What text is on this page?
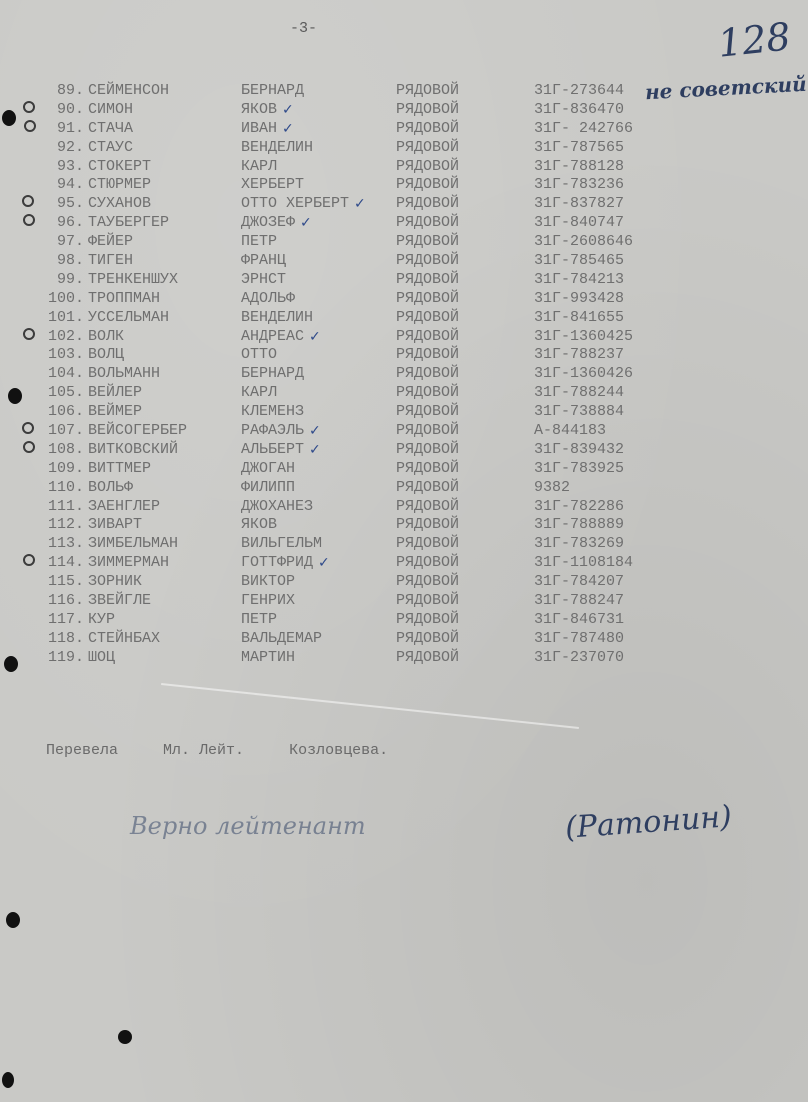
-3-	128
не советский
89. СЕЙМЕНСОН	БЕРНАРД	РЯДОВОЙ	31Г-273644
90. СИМОН	ЯКОВ	РЯДОВОЙ	31Г-836470
✓
91. СТАЧА	ИВАН	РЯДОВОЙ	31Г- 242766
✓
92. СТАУС	ВЕНДЕЛИН	РЯДОВОЙ	31Г-787565
93. СТОКЕРТ	КАРЛ	РЯДОВОЙ	31Г-788128
94. СТЮРМЕР	ХЕРБЕРТ	РЯДОВОЙ	31Г-783236
95. СУХАНОВ	ОТТО ХЕРБЕРТ	РЯДОВОЙ	31Г-837827
✓
96. ТАУБЕРГЕР	ДЖОЗЕФ	РЯДОВОЙ	31Г-840747
✓
97. ФЕЙЕР	ПЕТР	РЯДОВОЙ	31Г-2608646
98. ТИГЕН	ФРАНЦ	РЯДОВОЙ	31Г-785465
99. ТРЕНКЕНШУХ	ЭРНСТ	РЯДОВОЙ	31Г-784213
100. ТРОППМАН	АДОЛЬФ	РЯДОВОЙ	31Г-993428
101. УССЕЛЬМАН	ВЕНДЕЛИН	РЯДОВОЙ	31Г-841655
102. ВОЛК	АНДРЕАС	РЯДОВОЙ	31Г-1360425
✓
103. ВОЛЦ	ОТТО	РЯДОВОЙ	31Г-788237
104. ВОЛЬМАНН	БЕРНАРД	РЯДОВОЙ	31Г-1360426
105. ВЕЙЛЕР	КАРЛ	РЯДОВОЙ	31Г-788244
106. ВЕЙМЕР	КЛЕМЕНЗ	РЯДОВОЙ	31Г-738884
107. ВЕЙСОГЕРБЕР	РАФАЭЛЬ	РЯДОВОЙ	А-844183
✓
108. ВИТКОВСКИЙ	АЛЬБЕРТ	РЯДОВОЙ	31Г-839432
✓
109. ВИТТМЕР	ДЖОГАН	РЯДОВОЙ	31Г-783925
110. ВОЛЬФ	ФИЛИПП	РЯДОВОЙ	9382
111. ЗАЕНГЛЕР	ДЖОХАНЕЗ	РЯДОВОЙ	31Г-782286
112. ЗИВАРТ	ЯКОВ	РЯДОВОЙ	31Г-788889
113. ЗИМБЕЛЬМАН	ВИЛЬГЕЛЬМ	РЯДОВОЙ	31Г-783269
114. ЗИММЕРМАН	ГОТТФРИД	РЯДОВОЙ	31Г-1108184
✓
115. ЗОРНИК	ВИКТОР	РЯДОВОЙ	31Г-784207
116. ЗВЕЙГЛЕ	ГЕНРИХ	РЯДОВОЙ	31Г-788247
117. КУР	ПЕТР	РЯДОВОЙ	31Г-846731
118. СТЕЙНБАХ	ВАЛЬДЕМАР	РЯДОВОЙ	31Г-787480
119. ШОЦ	МАРТИН	РЯДОВОЙ	31Г-237070
Перевела	Мл. Лейт.	Козловцева.
Верно лейтенант	(Ратонин)
